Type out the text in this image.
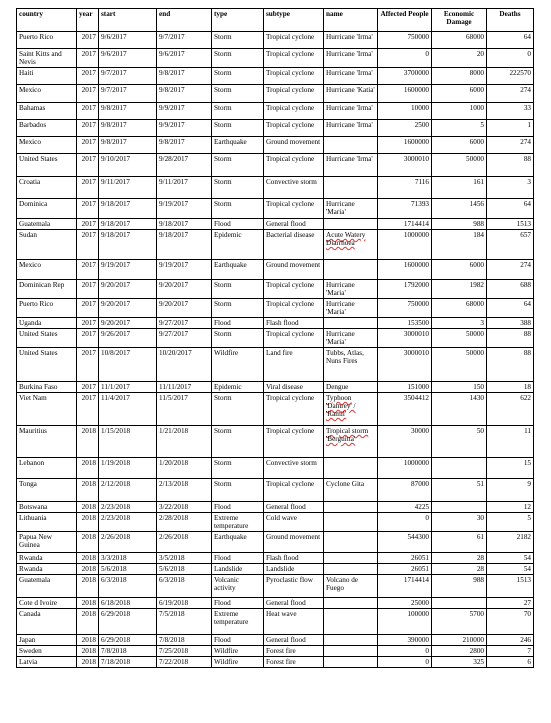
country	year	start	end	type	subtype	name	Affected People	Economic Damage	Deaths
Puerto Rico	2017	9/6/2017	9/7/2017	Storm	Tropical cyclone	Hurricane 'Irma'	750000	68000	64
Saint Kitts and Nevis	2017	9/6/2017	9/6/2017	Storm	Tropical cyclone	Hurricane 'Irma'	0	20	0
Haiti	2017	9/7/2017	9/8/2017	Storm	Tropical cyclone	Hurricane 'Irma'	3700000	8000	222570
Mexico	2017	9/7/2017	9/8/2017	Storm	Tropical cyclone	Hurricane 'Katia'	1600000	6000	274
Bahamas	2017	9/8/2017	9/9/2017	Storm	Tropical cyclone	Hurricane 'Irma'	10000	1000	33
Barbados	2017	9/8/2017	9/9/2017	Storm	Tropical cyclone	Hurricane 'Irma'	2500	5	1
Mexico	2017	9/8/2017	9/8/2017	Earthquake	Ground movement		1600000	6000	274
United States	2017	9/10/2017	9/28/2017	Storm	Tropical cyclone	Hurricane 'Irma'	3000010	50000	88
Croatia	2017	9/11/2017	9/11/2017	Storm	Convective storm		7116	161	3
Dominica	2017	9/18/2017	9/19/2017	Storm	Tropical cyclone	Hurricane 'Maria'	71393	1456	64
Guatemala	2017	9/18/2017	9/18/2017	Flood	General flood		1714414	988	1513
Sudan	2017	9/18/2017	9/18/2017	Epidemic	Bacterial disease	Acute Watery Diarrhoea	1000000	184	657
Mexico	2017	9/19/2017	9/19/2017	Earthquake	Ground movement		1600000	6000	274
Dominican Rep	2017	9/20/2017	9/20/2017	Storm	Tropical cyclone	Hurricane 'Maria'	1792000	1982	688
Puerto Rico	2017	9/20/2017	9/20/2017	Storm	Tropical cyclone	Hurricane 'Maria'	750000	68000	64
Uganda	2017	9/20/2017	9/27/2017	Flood	Flash flood		153500	3	388
United States	2017	9/26/2017	9/27/2017	Storm	Tropical cyclone	Hurricane 'Maria'	3000010	50000	88
United States	2017	10/8/2017	10/20/2017	Wildfire	Land fire	Tubbs, Atlas, Nuns Fires	3000010	50000	88
Burkina Faso	2017	11/1/2017	11/11/2017	Epidemic	Viral disease	Dengue	151000	150	18
Viet Nam	2017	11/4/2017	11/5/2017	Storm	Tropical cyclone	Typhoon 'Damrey' / 'Ramil'	3504412	1430	622
Mauritius	2018	1/15/2018	1/21/2018	Storm	Tropical cyclone	Tropical storm 'Berguitta'	30000	50	11
Lebanon	2018	1/19/2018	1/20/2018	Storm	Convective storm		1000000		15
Tonga	2018	2/12/2018	2/13/2018	Storm	Tropical cyclone	Cyclone Gita	87000	51	9
Botswana	2018	2/23/2018	3/22/2018	Flood	General flood		4225		12
Lithuania	2018	2/23/2018	2/28/2018	Extreme temperature	Cold wave		0	30	5
Papua New Guinea	2018	2/26/2018	2/26/2018	Earthquake	Ground movement		544300	61	2182
Rwanda	2018	3/3/2018	3/5/2018	Flood	Flash flood		26051	28	54
Rwanda	2018	5/6/2018	5/6/2018	Landslide	Landslide		26051	28	54
Guatemala	2018	6/3/2018	6/3/2018	Volcanic activity	Pyroclastic flow	Volcano de Fuego	1714414	988	1513
Cote d Ivoire	2018	6/18/2018	6/19/2018	Flood	General flood		25000		27
Canada	2018	6/29/2018	7/5/2018	Extreme temperature	Heat wave		100000	5700	70
Japan	2018	6/29/2018	7/8/2018	Flood	General flood		390000	210000	246
Sweden	2018	7/8/2018	7/25/2018	Wildfire	Forest fire		0	2800	7
Latvia	2018	7/18/2018	7/22/2018	Wildfire	Forest fire		0	325	6
